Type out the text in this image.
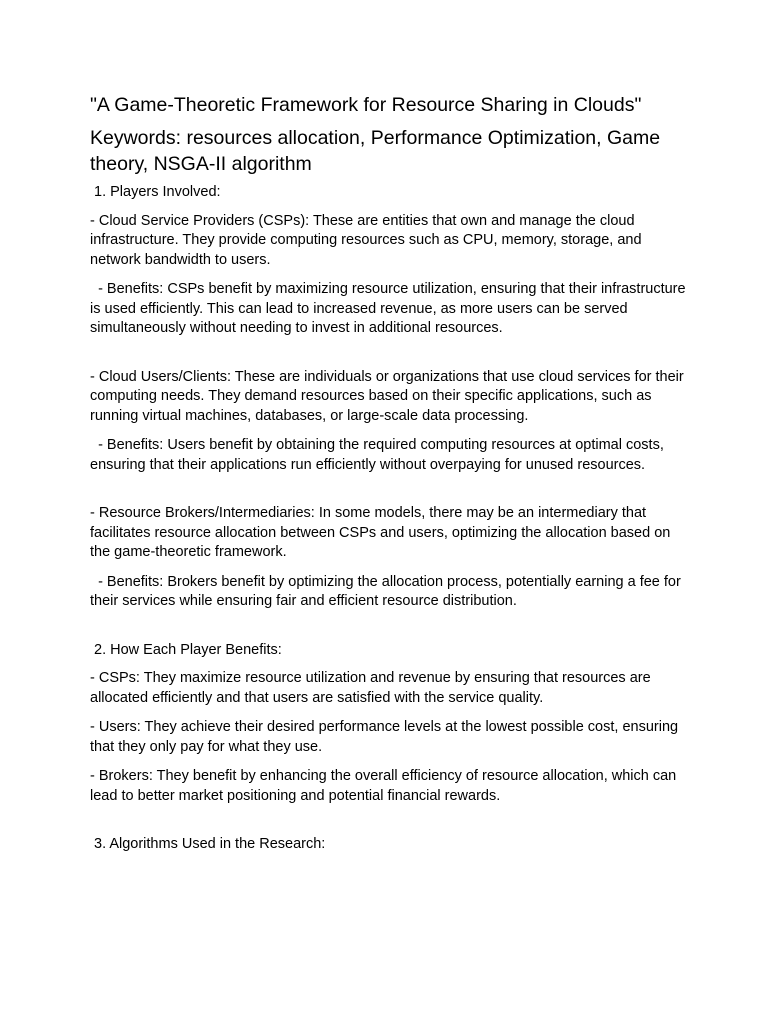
"A Game-Theoretic Framework for Resource Sharing in Clouds"
Keywords: resources allocation, Performance Optimization, Game theory, NSGA-II algorithm
1. Players Involved:

- Cloud Service Providers (CSPs): These are entities that own and manage the cloud infrastructure. They provide computing resources such as CPU, memory, storage, and network bandwidth to users.

- Benefits: CSPs benefit by maximizing resource utilization, ensuring that their infrastructure is used efficiently. This can lead to increased revenue, as more users can be served simultaneously without needing to invest in additional resources.

- Cloud Users/Clients: These are individuals or organizations that use cloud services for their computing needs. They demand resources based on their specific applications, such as running virtual machines, databases, or large-scale data processing.

- Benefits: Users benefit by obtaining the required computing resources at optimal costs, ensuring that their applications run efficiently without overpaying for unused resources.

- Resource Brokers/Intermediaries: In some models, there may be an intermediary that facilitates resource allocation between CSPs and users, optimizing the allocation based on the game-theoretic framework.

- Benefits: Brokers benefit by optimizing the allocation process, potentially earning a fee for their services while ensuring fair and efficient resource distribution.

2. How Each Player Benefits:

- CSPs: They maximize resource utilization and revenue by ensuring that resources are allocated efficiently and that users are satisfied with the service quality.

- Users: They achieve their desired performance levels at the lowest possible cost, ensuring that they only pay for what they use.

- Brokers: They benefit by enhancing the overall efficiency of resource allocation, which can lead to better market positioning and potential financial rewards.

3. Algorithms Used in the Research:
